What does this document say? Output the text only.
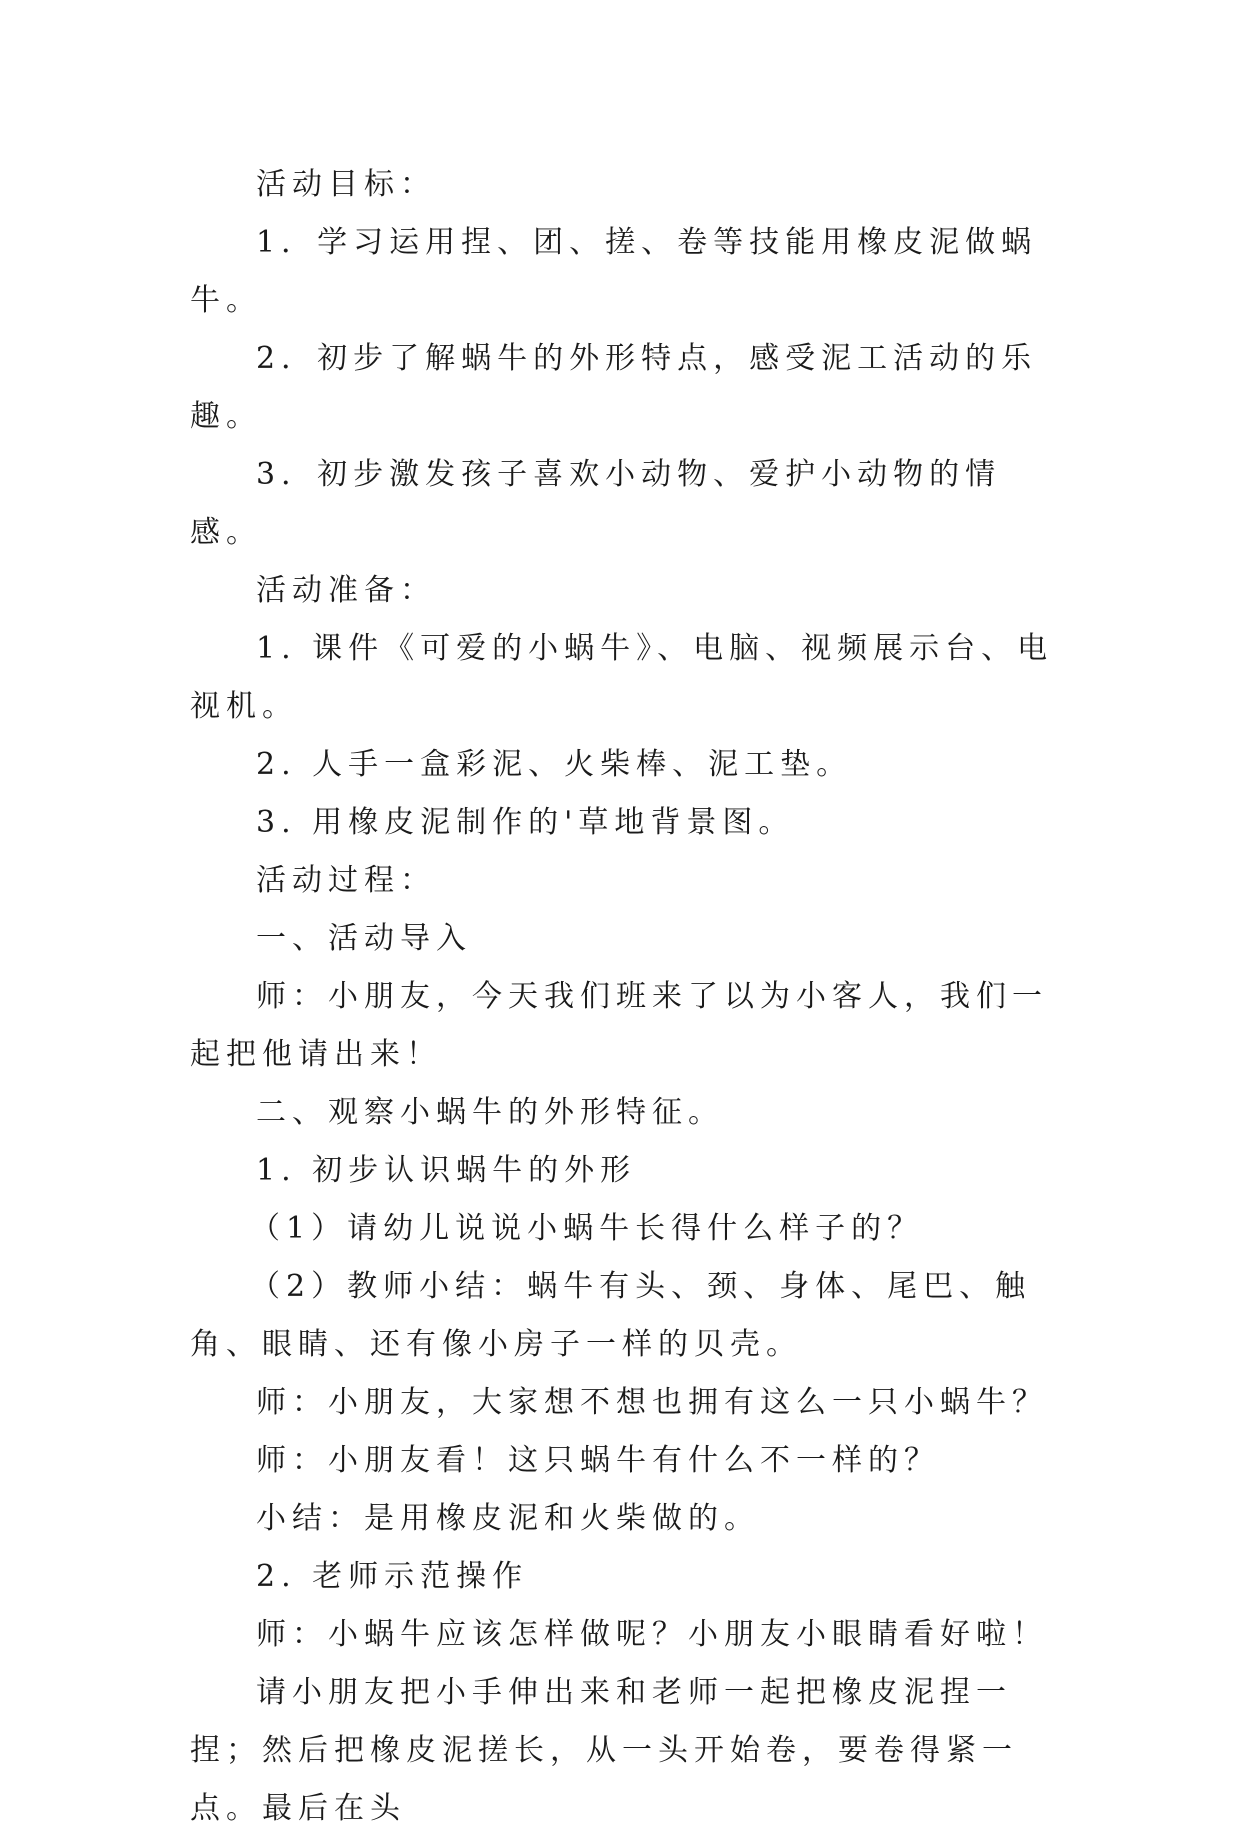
活动目标：

1．学习运用捏、团、搓、卷等技能用橡皮泥做蜗牛。

2．初步了解蜗牛的外形特点，感受泥工活动的乐趣。

3．初步激发孩子喜欢小动物、爱护小动物的情感。

活动准备：

1. 课件《可爱的小蜗牛》、电脑、视频展示台、电视机。

2. 人手一盒彩泥、火柴棒、泥工垫。

3. 用橡皮泥制作的'草地背景图。

活动过程：

一、活动导入

师：小朋友，今天我们班来了以为小客人，我们一起把他请出来！

二、观察小蜗牛的外形特征。

1. 初步认识蜗牛的外形

（1）请幼儿说说小蜗牛长得什么样子的？

（2）教师小结：蜗牛有头、颈、身体、尾巴、触角、眼睛、还有像小房子一样的贝壳。

师：小朋友，大家想不想也拥有这么一只小蜗牛？

师：小朋友看！这只蜗牛有什么不一样的？

小结：是用橡皮泥和火柴做的。

2. 老师示范操作

师：小蜗牛应该怎样做呢？小朋友小眼睛看好啦！

请小朋友把小手伸出来和老师一起把橡皮泥捏一捏；然后把橡皮泥搓长，从一头开始卷，要卷得紧一点。最后在头
